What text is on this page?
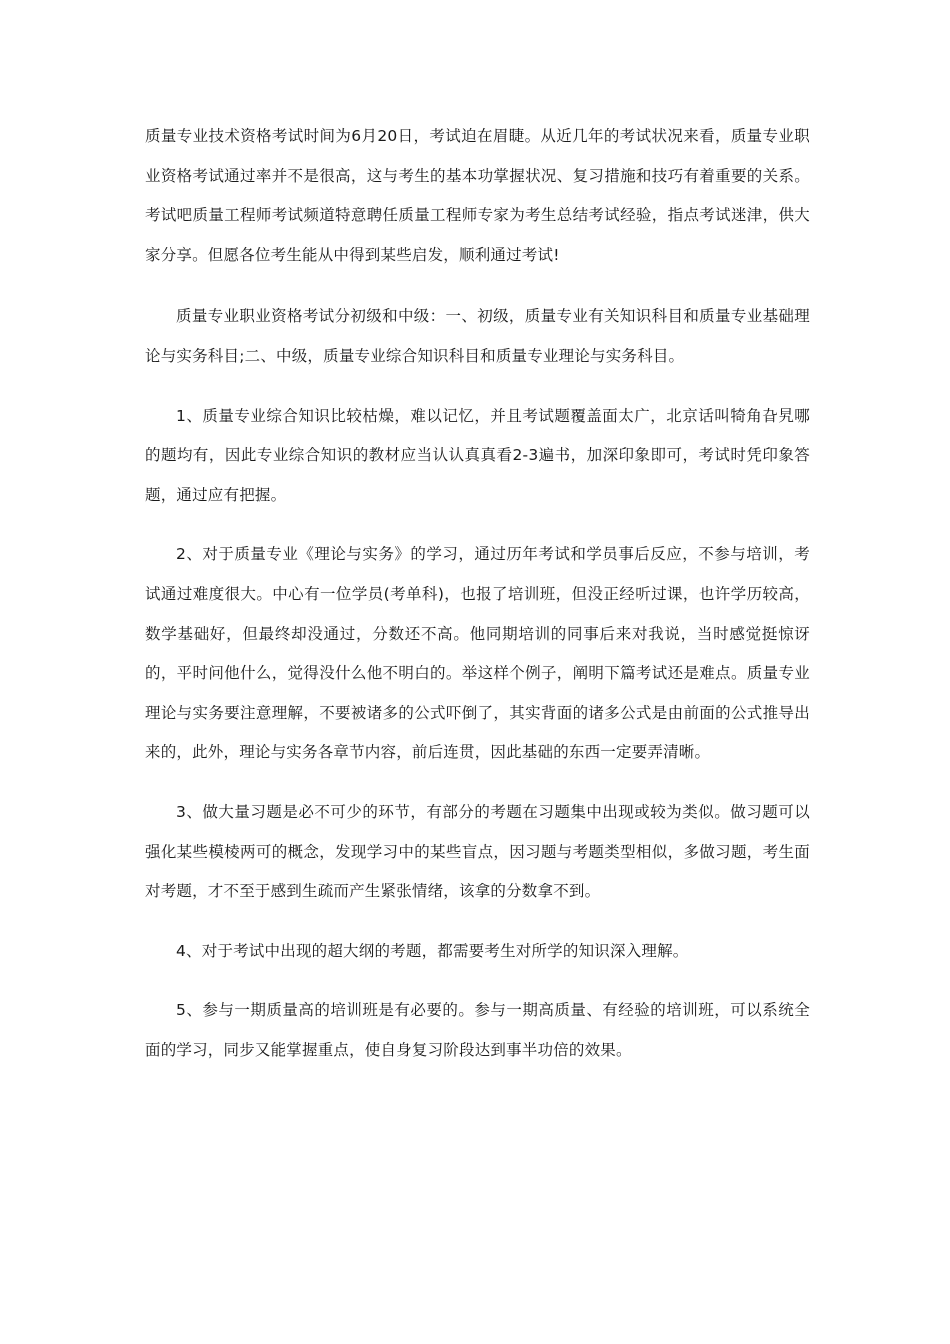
质量专业技术资格考试时间为6月20日，考试迫在眉睫。从近几年的考试状况来看，质量专业职业资格考试通过率并不是很高，这与考生的基本功掌握状况、复习措施和技巧有着重要的关系。考试吧质量工程师考试频道特意聘任质量工程师专家为考生总结考试经验，指点考试迷津，供大家分享。但愿各位考生能从中得到某些启发，顺利通过考试!

质量专业职业资格考试分初级和中级：一、初级，质量专业有关知识科目和质量专业基础理论与实务科目;二、中级，质量专业综合知识科目和质量专业理论与实务科目。

1、质量专业综合知识比较枯燥，难以记忆，并且考试题覆盖面太广，北京话叫犄角旮旯哪的题均有，因此专业综合知识的教材应当认认真真看2-3遍书，加深印象即可，考试时凭印象答题，通过应有把握。

2、对于质量专业《理论与实务》的学习，通过历年考试和学员事后反应，不参与培训，考试通过难度很大。中心有一位学员(考单科)，也报了培训班，但没正经听过课，也许学历较高，数学基础好，但最终却没通过，分数还不高。他同期培训的同事后来对我说，当时感觉挺惊讶的，平时问他什么，觉得没什么他不明白的。举这样个例子，阐明下篇考试还是难点。质量专业理论与实务要注意理解，不要被诸多的公式吓倒了，其实背面的诸多公式是由前面的公式推导出来的，此外，理论与实务各章节内容，前后连贯，因此基础的东西一定要弄清晰。

3、做大量习题是必不可少的环节，有部分的考题在习题集中出现或较为类似。做习题可以强化某些模棱两可的概念，发现学习中的某些盲点，因习题与考题类型相似，多做习题，考生面对考题，才不至于感到生疏而产生紧张情绪，该拿的分数拿不到。

4、对于考试中出现的超大纲的考题，都需要考生对所学的知识深入理解。

5、参与一期质量高的培训班是有必要的。参与一期高质量、有经验的培训班，可以系统全面的学习，同步又能掌握重点，使自身复习阶段达到事半功倍的效果。
